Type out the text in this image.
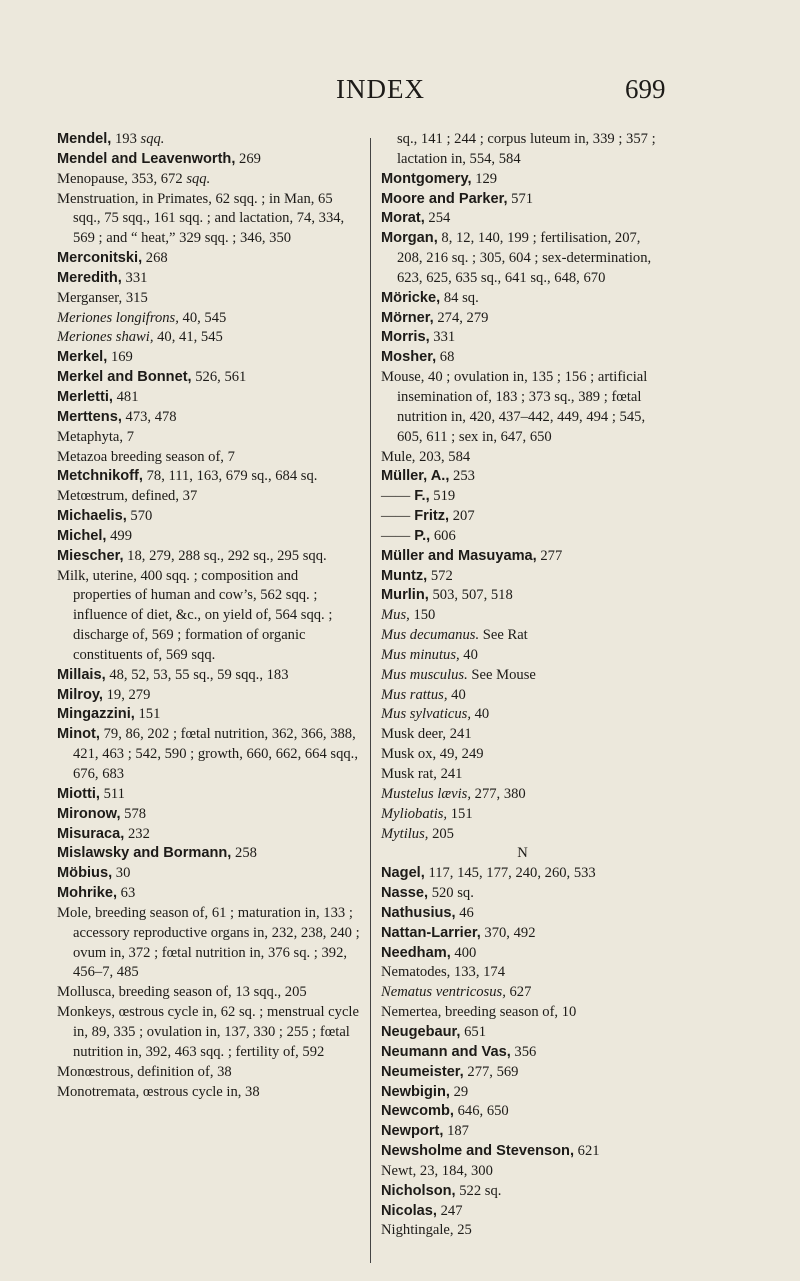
INDEX	699

Mendel, 193 sqq.

Mendel and Leavenworth, 269

Menopause, 353, 672 sqq.

Menstruation, in Primates, 62 sqq. ; in Man, 65 sqq., 75 sqq., 161 sqq. ; and lactation, 74, 334, 569 ; and “ heat,” 329 sqq. ; 346, 350

Merconitski, 268

Meredith, 331

Merganser, 315

Meriones longifrons, 40, 545

Meriones shawi, 40, 41, 545

Merkel, 169

Merkel and Bonnet, 526, 561

Merletti, 481

Merttens, 473, 478

Metaphyta, 7

Metazoa breeding season of, 7

Metchnikoff, 78, 111, 163, 679 sq., 684 sq.

Metœstrum, defined, 37

Michaelis, 570

Michel, 499

Miescher, 18, 279, 288 sq., 292 sq., 295 sqq.

Milk, uterine, 400 sqq. ; composition and properties of human and cow’s, 562 sqq. ; influence of diet, &c., on yield of, 564 sqq. ; discharge of, 569 ; formation of organic constituents of, 569 sqq.

Millais, 48, 52, 53, 55 sq., 59 sqq., 183

Milroy, 19, 279

Mingazzini, 151

Minot, 79, 86, 202 ; fœtal nutrition, 362, 366, 388, 421, 463 ; 542, 590 ; growth, 660, 662, 664 sqq., 676, 683

Miotti, 511

Mironow, 578

Misuraca, 232

Mislawsky and Bormann, 258

Möbius, 30

Mohrike, 63

Mole, breeding season of, 61 ; maturation in, 133 ; accessory reproductive organs in, 232, 238, 240 ; ovum in, 372 ; fœtal nutrition in, 376 sq. ; 392, 456–7, 485

Mollusca, breeding season of, 13 sqq., 205

Monkeys, œstrous cycle in, 62 sq. ; menstrual cycle in, 89, 335 ; ovulation in, 137, 330 ; 255 ; fœtal nutrition in, 392, 463 sqq. ; fertility of, 592

Monœstrous, definition of, 38

Monotremata, œstrous cycle in, 38

sq., 141 ; 244 ; corpus luteum in, 339 ; 357 ; lactation in, 554, 584

Montgomery, 129

Moore and Parker, 571

Morat, 254

Morgan, 8, 12, 140, 199 ; fertilisation, 207, 208, 216 sq. ; 305, 604 ; sex-determination, 623, 625, 635 sq., 641 sq., 648, 670

Möricke, 84 sq.

Mörner, 274, 279

Morris, 331

Mosher, 68

Mouse, 40 ; ovulation in, 135 ; 156 ; artificial insemination of, 183 ; 373 sq., 389 ; fœtal nutrition in, 420, 437–442, 449, 494 ; 545, 605, 611 ; sex in, 647, 650

Mule, 203, 584

Müller, A., 253

—— F., 519

—— Fritz, 207

—— P., 606

Müller and Masuyama, 277

Muntz, 572

Murlin, 503, 507, 518

Mus, 150

Mus decumanus. See Rat

Mus minutus, 40

Mus musculus. See Mouse

Mus rattus, 40

Mus sylvaticus, 40

Musk deer, 241

Musk ox, 49, 249

Musk rat, 241

Mustelus lævis, 277, 380

Myliobatis, 151

Mytilus, 205

N

Nagel, 117, 145, 177, 240, 260, 533

Nasse, 520 sq.

Nathusius, 46

Nattan-Larrier, 370, 492

Needham, 400

Nematodes, 133, 174

Nematus ventricosus, 627

Nemertea, breeding season of, 10

Neugebaur, 651

Neumann and Vas, 356

Neumeister, 277, 569

Newbigin, 29

Newcomb, 646, 650

Newport, 187

Newsholme and Stevenson, 621

Newt, 23, 184, 300

Nicholson, 522 sq.

Nicolas, 247

Nightingale, 25
